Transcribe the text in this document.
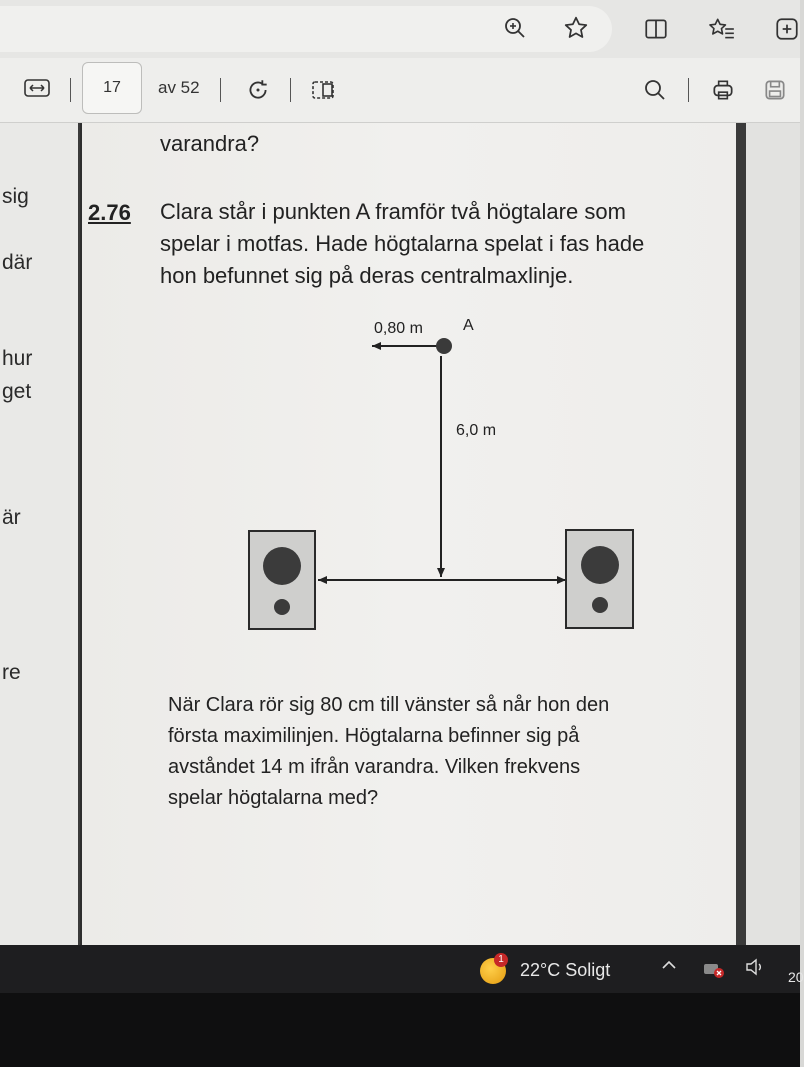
17
av 52
sig
där
hur
get
är
re
varandra?
2.76 Clara står i punkten A framför två högtalare som
spelar i motfas. Hade högtalarna spelat i fas hade
hon befunnet sig på deras centralmaxlinje.
0,80 m	A
6,0 m
När Clara rör sig 80 cm till vänster så når hon den
första maximilinjen. Högtalarna befinner sig på
avståndet 14 m ifrån varandra. Vilken frekvens
spelar högtalarna med?
1
22°C Soligt	20
